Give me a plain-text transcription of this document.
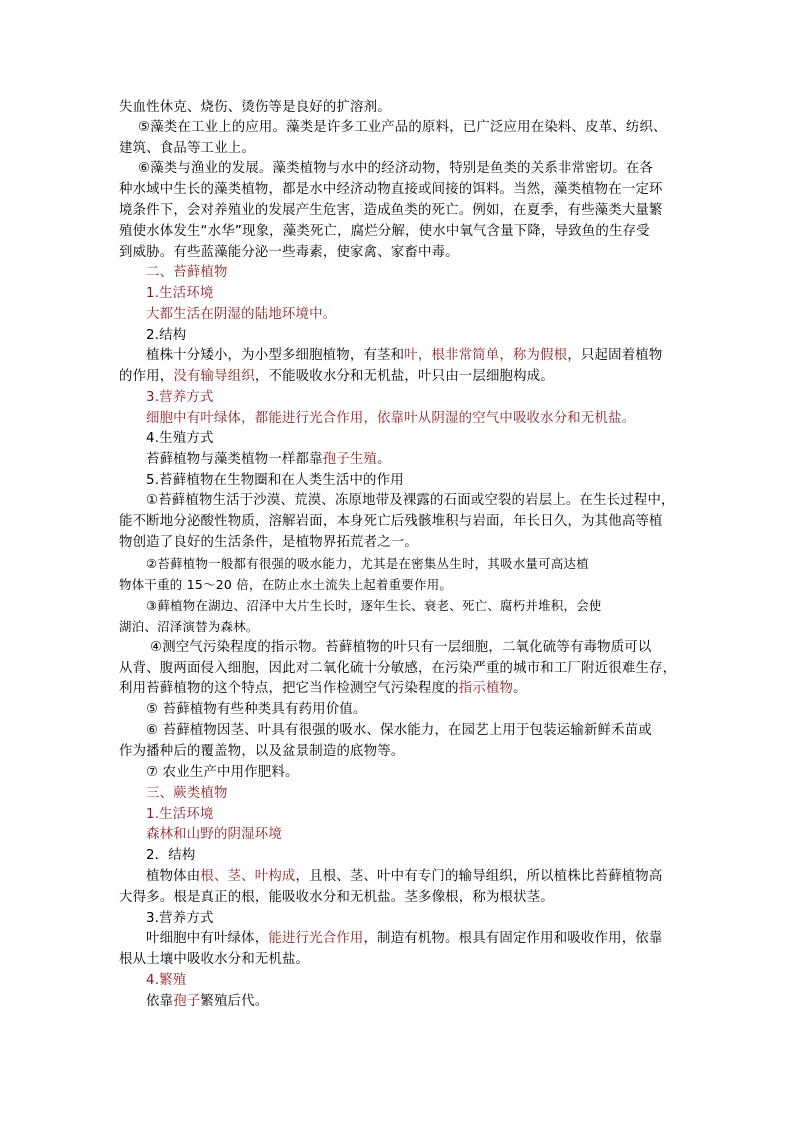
失血性休克、烧伤、烫伤等是良好的扩溶剂。
⑤藻类在工业上的应用。藻类是许多工业产品的原料，已广泛应用在染料、皮革、纺织、
建筑、食品等工业上。
⑥藻类与渔业的发展。藻类植物与水中的经济动物，特别是鱼类的关系非常密切。在各
种水域中生长的藻类植物，都是水中经济动物直接或间接的饵料。当然，藻类植物在一定环
境条件下，会对养殖业的发展产生危害，造成鱼类的死亡。例如，在夏季，有些藻类大量繁
殖使水体发生“水华”现象，藻类死亡，腐烂分解，使水中氧气含量下降，导致鱼的生存受
到威胁。有些蓝藻能分泌一些毒素，使家禽、家畜中毒。
二、苔藓植物
1.生活环境
大都生活在阴湿的陆地环境中。
2.结构
植株十分矮小，为小型多细胞植物，有茎和叶，根非常简单，称为假根，只起固着植物
的作用，没有输导组织，不能吸收水分和无机盐，叶只由一层细胞构成。
3.营养方式
细胞中有叶绿体，都能进行光合作用，依靠叶从阴湿的空气中吸收水分和无机盐。
4.生殖方式
苔藓植物与藻类植物一样都靠孢子生殖。
5.苔藓植物在生物圈和在人类生活中的作用
①苔藓植物生活于沙漠、荒漠、冻原地带及裸露的石面或空裂的岩层上。在生长过程中，
能不断地分泌酸性物质，溶解岩面，本身死亡后残骸堆积与岩面，年长日久，为其他高等植
物创造了良好的生活条件，是植物界拓荒者之一。
②苔藓植物一般都有很强的吸水能力，尤其是在密集丛生时，其吸水量可高达植
物体干重的 15～20 倍，在防止水土流失上起着重要作用。
③藓植物在湖边、沼泽中大片生长时，逐年生长、衰老、死亡、腐朽并堆积，会使
湖泊、沼泽演替为森林。
④测空气污染程度的指示物。苔藓植物的叶只有一层细胞，二氧化硫等有毒物质可以
从背、腹两面侵入细胞，因此对二氧化硫十分敏感，在污染严重的城市和工厂附近很难生存，
利用苔藓植物的这个特点，把它当作检测空气污染程度的指示植物。
⑤ 苔藓植物有些种类具有药用价值。
⑥ 苔藓植物因茎、叶具有很强的吸水、保水能力，在园艺上用于包装运输新鲜禾苗或
作为播种后的覆盖物，以及盆景制造的底物等。
⑦ 农业生产中用作肥料。
三、蕨类植物
1.生活环境
森林和山野的阴湿环境
2．结构
植物体由根、茎、叶构成，且根、茎、叶中有专门的输导组织，所以植株比苔藓植物高
大得多。根是真正的根，能吸收水分和无机盐。茎多像根，称为根状茎。
3.营养方式
叶细胞中有叶绿体，能进行光合作用，制造有机物。根具有固定作用和吸收作用，依靠
根从土壤中吸收水分和无机盐。
4.繁殖
依靠孢子繁殖后代。
